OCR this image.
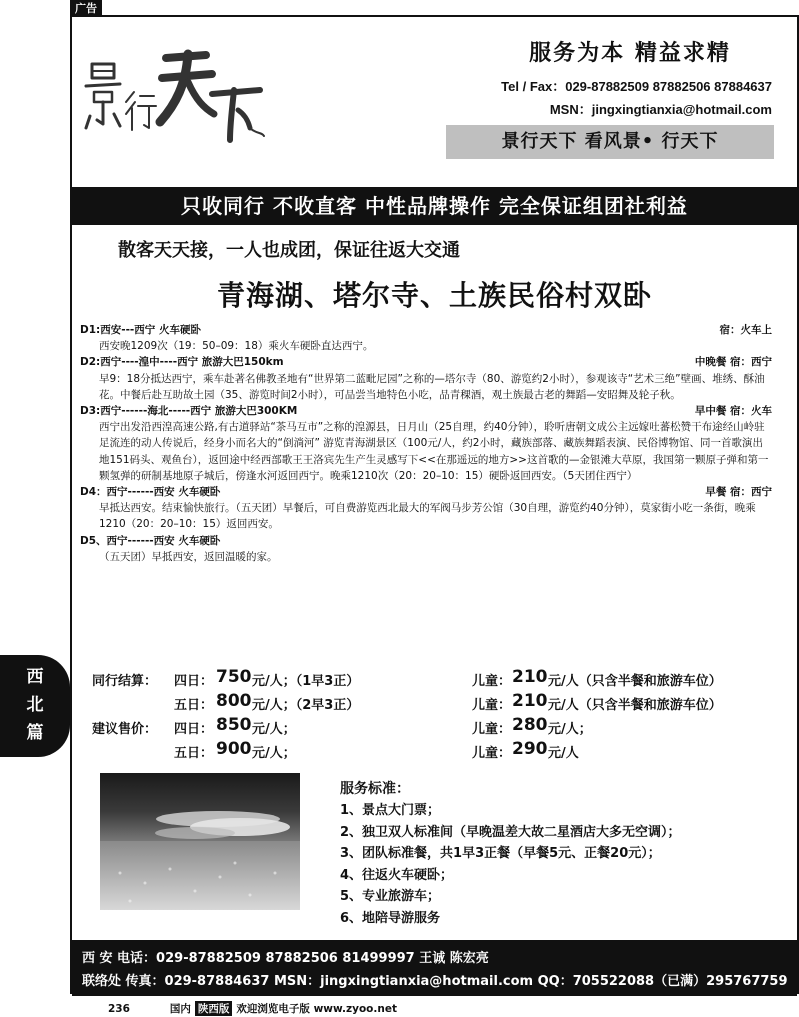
广告
服务为本 精益求精
Tel / Fax：029-87882509 87882506 87884637
MSN：jingxingtianxia@hotmail.com
景行天下 看风景• 行天下
只收同行 不收直客 中性品牌操作 完全保证组团社利益
散客天天接，一人也成团，保证往返大交通
青海湖、塔尔寺、土族民俗村双卧
D1:西安---西宁 火车硬卧	宿：火车上
西安晚1209次（19：50–09：18）乘火车硬卧直达西宁。
D2:西宁----湟中----西宁 旅游大巴150km	中晚餐 宿：西宁
早9：18分抵达西宁，乘车赴著名佛教圣地有“世界第二蓝毗尼园”之称的—塔尔寺（80、游览约2小时），参观该寺“艺术三绝”壁画、堆绣、酥油花。中餐后赴互助故土园（35、游览时间2小时），可品尝当地特色小吃，品青稞酒，观土族最古老的舞蹈—安昭舞及轮子秋。
D3:西宁------海北-----西宁 旅游大巴300KM	早中餐 宿：火车
西宁出发沿西湟高速公路,有古道驿站“茶马互市”之称的湟源县，日月山（25自理，约40分钟），聆听唐朝文成公主远嫁吐蕃松赞干布途经山岭驻足流连的动人传说后，经身小而名大的“倒淌河” 游览青海湖景区（100元/人，约2小时，藏族部落、藏族舞蹈表演、民俗博物馆、同一首歌演出地151码头、观鱼台），返回途中经西部歌王王洛宾先生产生灵感写下<<在那遥远的地方>>这首歌的—金银滩大草原，我国第一颗原子弹和第一颗氢弹的研制基地原子城后，傍逢水河返回西宁。晚乘1210次（20：20–10：15）硬卧返回西安。（5天团住西宁）
D4：西宁------西安 火车硬卧	早餐 宿：西宁
早抵达西安。结束愉快旅行。（五天团）早餐后，可自费游览西北最大的军阀马步芳公馆（30自理，游览约40分钟），莫家街小吃一条街，晚乘1210（20：20–10：15）返回西安。
D5、西宁------西安 火车硬卧
（五天团）早抵西安，返回温暖的家。
西
北
篇
同行结算： 四日： 750 元/人；（1早3正）	儿童： 210 元/人（只含半餐和旅游车位）
五日： 800 元/人；（2早3正）	儿童： 210 元/人（只含半餐和旅游车位）
建议售价： 四日： 850 元/人；	儿童： 280 元/人；
五日： 900 元/人；	儿童： 290 元/人
服务标准：
1、景点大门票；
2、独卫双人标准间（早晚温差大故二星酒店大多无空调）；
3、团队标准餐，共1早3正餐（早餐5元、正餐20元）；
4、往返火车硬卧；
5、专业旅游车；
6、地陪导游服务
西 安 电话：029-87882509 87882506 81499997 王诚 陈宏亮
联络处 传真：029-87884637 MSN：jingxingtianxia@hotmail.com QQ：705522088（已满）295767759
236	国内 陕西版 欢迎浏览电子版 www.zyoo.net
